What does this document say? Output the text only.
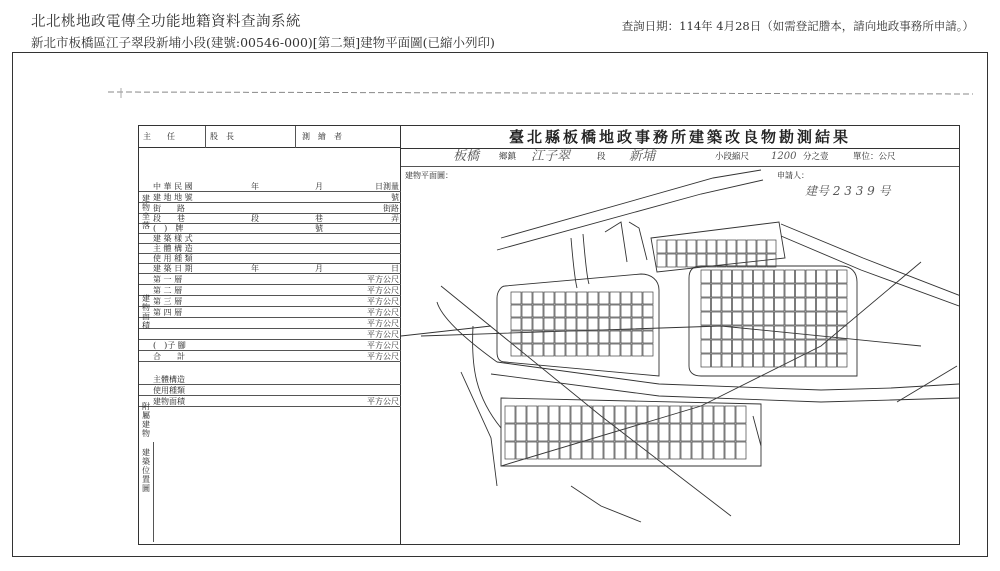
北北桃地政電傳全功能地籍資料查詢系統
新北市板橋區江子翠段新埔小段(建號:00546-000)[第二類]建物平面圖(已縮小列印)
查詢日期：114年 4月28日（如需登記謄本，請向地政事務所申請。）
主　　任	股　長	測　繪　者
中 華 民 國	年	月	日測量
建 地 地 號	號
街　　路	街路
段　　巷	段	巷	弄
(　)　牌	號
建 築 樣 式
主 體 構 造
使 用 種 類
建 築 日 期	年	月	日
第 一 層	平方公尺
第 二 層	平方公尺
第 三 層	平方公尺
第 四 層	平方公尺
平方公尺
平方公尺
(　)子 腳	平方公尺
合　　計	平方公尺
主體構造
使用種類
建物面積	平方公尺
建物坐落
建物面積
附屬建物
建築位置圖
臺北縣板橋地政事務所建築改良物勘測結果
板橋 鄉鎮 江子翠	段 新埔	小段縮尺 1200 分之壹	單位：公尺
建物平面圖：	申請人：
建号 2 3 3 9 号
